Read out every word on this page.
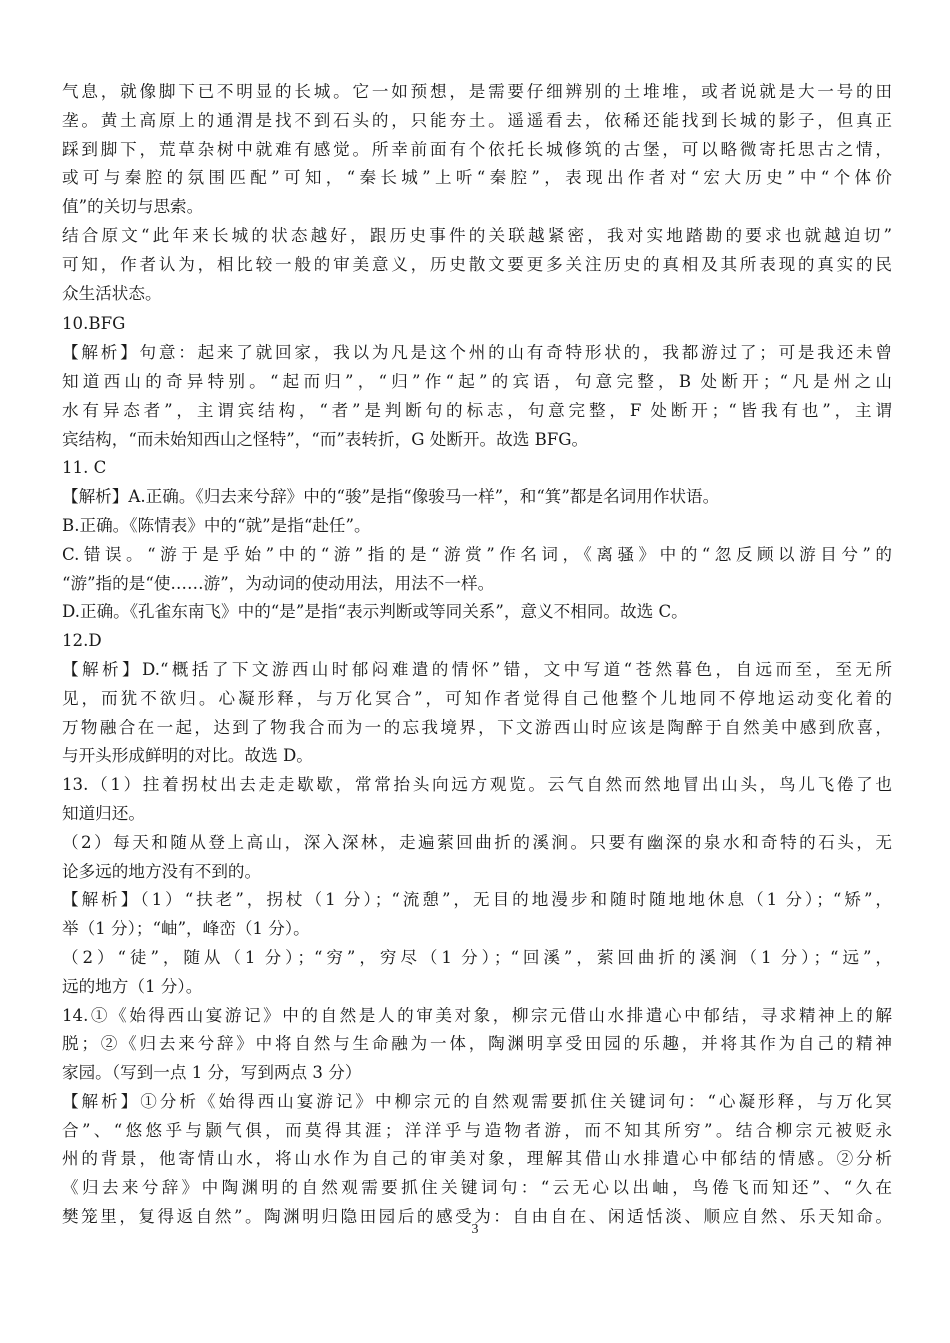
气息，就像脚下已不明显的长城。它一如预想，是需要仔细辨别的土堆堆，或者说就是大一号的田
垄。黄土高原上的通渭是找不到石头的，只能夯土。遥遥看去，依稀还能找到长城的影子，但真正
踩到脚下，荒草杂树中就难有感觉。所幸前面有个依托长城修筑的古堡，可以略微寄托思古之情，
或可与秦腔的氛围匹配”可知，“秦长城”上听“秦腔”，表现出作者对“宏大历史”中“个体价
值”的关切与思索。
结合原文“此年来长城的状态越好，跟历史事件的关联越紧密，我对实地踏勘的要求也就越迫切”
可知，作者认为，相比较一般的审美意义，历史散文要更多关注历史的真相及其所表现的真实的民
众生活状态。
10.BFG
【解析】句意：起来了就回家，我以为凡是这个州的山有奇特形状的，我都游过了；可是我还未曾
知道西山的奇异特别。“起而归”，“归”作“起”的宾语，句意完整，B 处断开；“凡是州之山
水有异态者”，主谓宾结构，“者”是判断句的标志，句意完整，F 处断开；“皆我有也”，主谓
宾结构，“而未始知西山之怪特”，“而”表转折，G 处断开。故选 BFG。
11. C
【解析】A.正确。《归去来兮辞》中的“骏”是指“像骏马一样”，和“箕”都是名词用作状语。
B.正确。《陈情表》中的“就”是指“赴任”。
C.错误。“游于是乎始”中的“游”指的是“游赏”作名词，《离骚》中的“忽反顾以游目兮”的
“游”指的是“使……游”，为动词的使动用法，用法不一样。
D.正确。《孔雀东南飞》中的“是”是指“表示判断或等同关系”，意义不相同。故选 C。
12.D
【解析】D.“概括了下文游西山时郁闷难遣的情怀”错，文中写道“苍然暮色，自远而至，至无所
见，而犹不欲归。心凝形释，与万化冥合”，可知作者觉得自己他整个儿地同不停地运动变化着的
万物融合在一起，达到了物我合而为一的忘我境界，下文游西山时应该是陶醉于自然美中感到欣喜，
与开头形成鲜明的对比。故选 D。
13.（1）拄着拐杖出去走走歇歇，常常抬头向远方观览。云气自然而然地冒出山头，鸟儿飞倦了也
知道归还。
（2）每天和随从登上高山，深入深林，走遍萦回曲折的溪涧。只要有幽深的泉水和奇特的石头，无
论多远的地方没有不到的。
【解析】（1）“扶老”，拐杖（1 分）；“流憩”，无目的地漫步和随时随地地休息（1 分）；“矫”，
举（1 分）；“岫”，峰峦（1 分）。
（2）“徒”，随从（1 分）；“穷”，穷尽（1 分）；“回溪”，萦回曲折的溪涧（1 分）；“远”，
远的地方（1 分）。
14.①《始得西山宴游记》中的自然是人的审美对象，柳宗元借山水排遣心中郁结，寻求精神上的解
脱；②《归去来兮辞》中将自然与生命融为一体，陶渊明享受田园的乐趣，并将其作为自己的精神
家园。（写到一点 1 分，写到两点 3 分）
【解析】①分析《始得西山宴游记》中柳宗元的自然观需要抓住关键词句：“心凝形释，与万化冥
合”、“悠悠乎与颢气俱，而莫得其涯；洋洋乎与造物者游，而不知其所穷”。结合柳宗元被贬永
州的背景，他寄情山水，将山水作为自己的审美对象，理解其借山水排遣心中郁结的情感。②分析
《归去来兮辞》中陶渊明的自然观需要抓住关键词句：“云无心以出岫，鸟倦飞而知还”、“久在
樊笼里，复得返自然”。陶渊明归隐田园后的感受为：自由自在、闲适恬淡、顺应自然、乐天知命。
3
